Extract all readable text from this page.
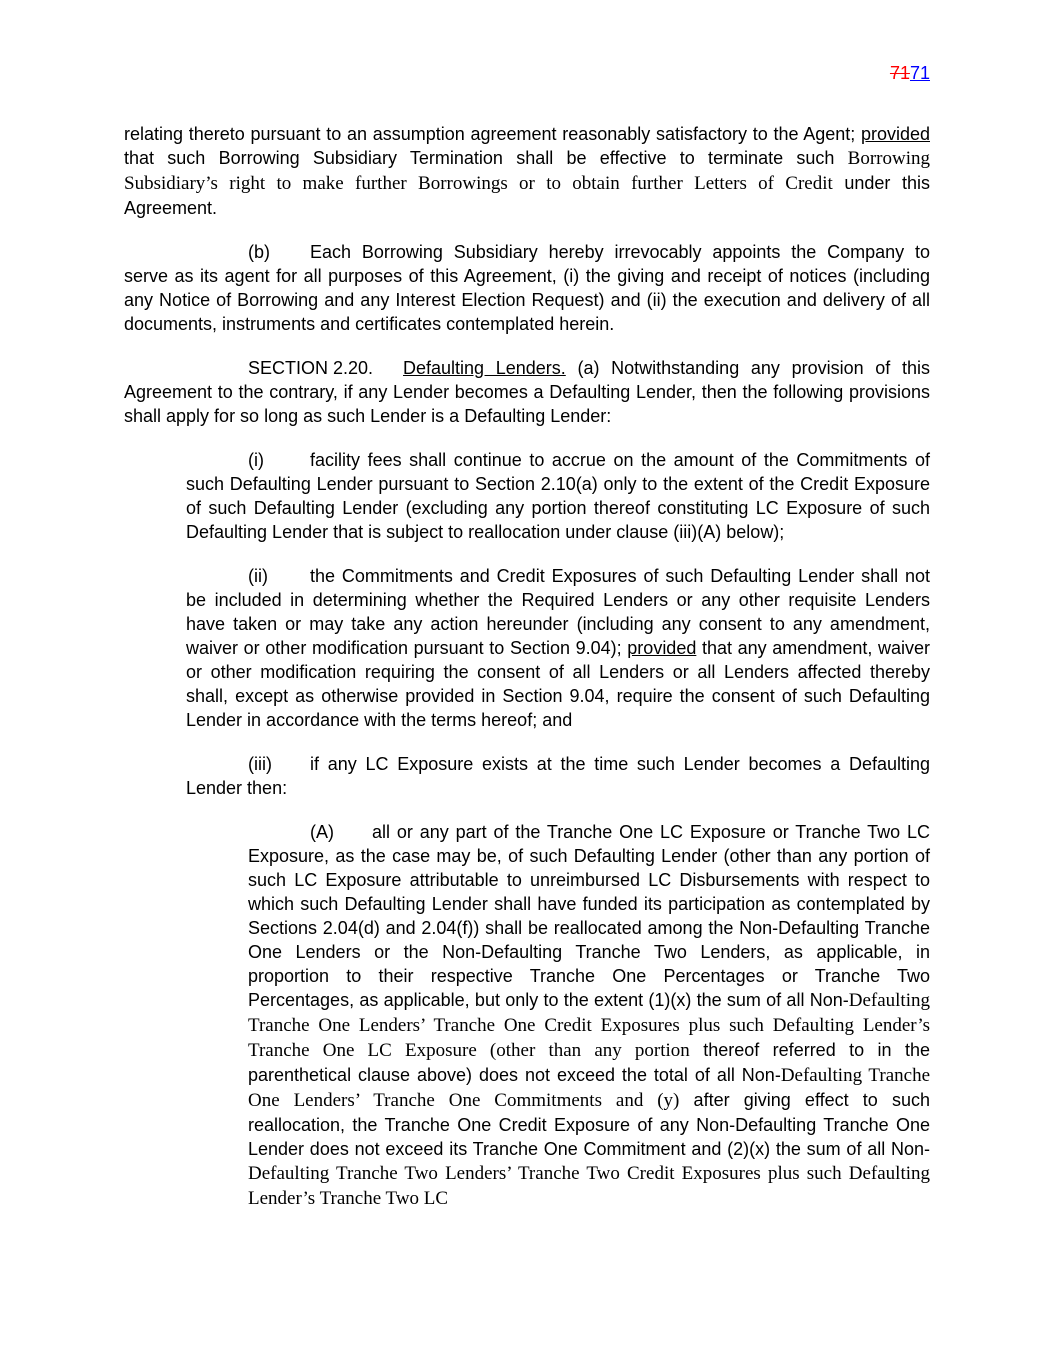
7171

relating thereto pursuant to an assumption agreement reasonably satisfactory to the Agent; provided that such Borrowing Subsidiary Termination shall be effective to terminate such Borrowing Subsidiary’s right to make further Borrowings or to obtain further Letters of Credit under this Agreement.

(b) Each Borrowing Subsidiary hereby irrevocably appoints the Company to serve as its agent for all purposes of this Agreement, (i) the giving and receipt of notices (including any Notice of Borrowing and any Interest Election Request) and (ii) the execution and delivery of all documents, instruments and certificates contemplated herein.

SECTION 2.20. Defaulting Lenders. (a) Notwithstanding any provision of this Agreement to the contrary, if any Lender becomes a Defaulting Lender, then the following provisions shall apply for so long as such Lender is a Defaulting Lender:

(i)	facility fees shall continue to accrue on the amount of the Commitments of such Defaulting Lender pursuant to Section 2.10(a) only to the extent of the Credit Exposure of such Defaulting Lender (excluding any portion thereof constituting LC Exposure of such Defaulting Lender that is subject to reallocation under clause (iii)(A) below);

(ii) the Commitments and Credit Exposures of such Defaulting Lender shall not be included in determining whether the Required Lenders or any other requisite Lenders have taken or may take any action hereunder (including any consent to any amendment, waiver or other modification pursuant to Section 9.04); provided that any amendment, waiver or other modification requiring the consent of all Lenders or all Lenders affected thereby shall, except as otherwise provided in Section 9.04, require the consent of such Defaulting Lender in accordance with the terms hereof; and

(iii) if any LC Exposure exists at the time such Lender becomes a Defaulting Lender then:

(A) all or any part of the Tranche One LC Exposure or Tranche Two LC Exposure, as the case may be, of such Defaulting Lender (other than any portion of such LC Exposure attributable to unreimbursed LC Disbursements with respect to which such Defaulting Lender shall have funded its participation as contemplated by Sections 2.04(d) and 2.04(f)) shall be reallocated among the Non-Defaulting Tranche One Lenders or the Non-Defaulting Tranche Two Lenders, as applicable, in proportion to their respective Tranche One Percentages or Tranche Two Percentages, as applicable, but only to the extent (1)(x) the sum of all Non-Defaulting Tranche One Lenders’ Tranche One Credit Exposures plus such Defaulting Lender’s Tranche One LC Exposure (other than any portion thereof referred to in the parenthetical clause above) does not exceed the total of all Non-Defaulting Tranche One Lenders’ Tranche One Commitments and (y) after giving effect to such reallocation, the Tranche One Credit Exposure of any Non-Defaulting Tranche One Lender does not exceed its Tranche One Commitment and (2)(x) the sum of all Non-Defaulting Tranche Two Lenders’ Tranche Two Credit Exposures plus such Defaulting Lender’s Tranche Two LC
